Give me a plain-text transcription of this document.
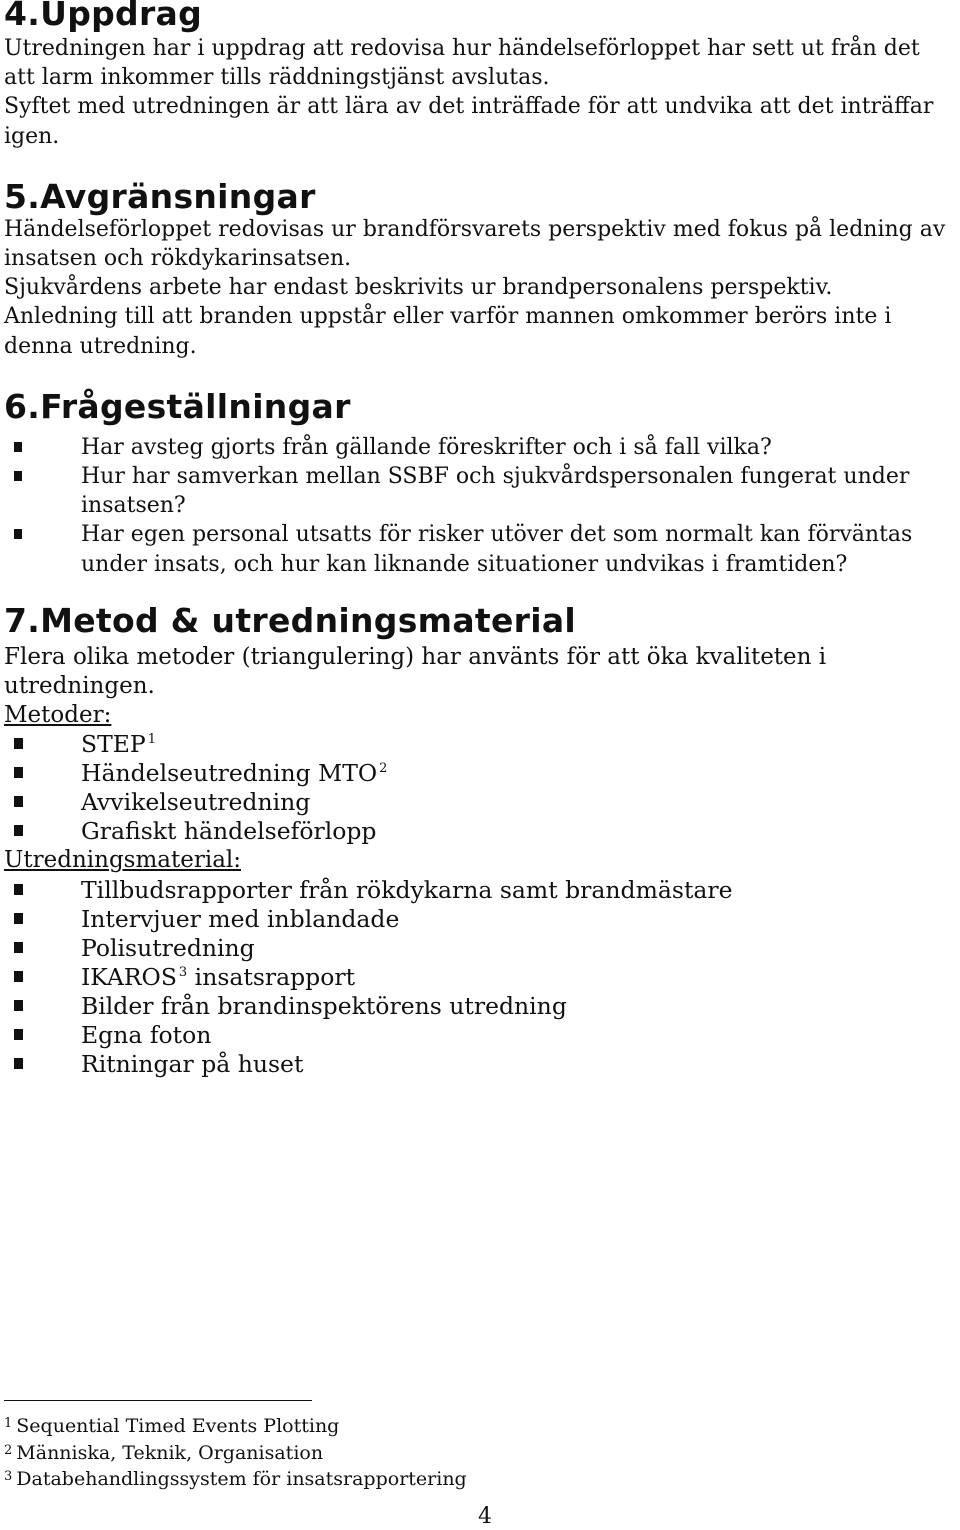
4.Uppdrag

Utredningen har i uppdrag att redovisa hur händelseförloppet har sett ut från det att larm inkommer tills räddningstjänst avslutas.

Syftet med utredningen är att lära av det inträffade för att undvika att det inträffar igen.

5.Avgränsningar

Händelseförloppet redovisas ur brandförsvarets perspektiv med fokus på ledning av insatsen och rökdykarinsatsen.

Sjukvårdens arbete har endast beskrivits ur brandpersonalens perspektiv.

Anledning till att branden uppstår eller varför mannen omkommer berörs inte i denna utredning.

6.Frågeställningar
Har avsteg gjorts från gällande föreskrifter och i så fall vilka?
Hur har samverkan mellan SSBF och sjukvårdspersonalen fungerat under insatsen?
Har egen personal utsatts för risker utöver det som normalt kan förväntas under insats, och hur kan liknande situationer undvikas i framtiden?
7.Metod & utredningsmaterial

Flera olika metoder (triangulering) har använts för att öka kvaliteten i utredningen.

Metoder:

STEP $^1$
Händelseutredning MTO $^2$
Avvikelseutredning
Grafiskt händelseförlopp

Utredningsmaterial:

Tillbudsrapporter från rökdykarna samt brandmästare
Intervjuer med inblandade
Polisutredning
IKAROS $^3$ insatsrapport
Bilder från brandinspektörens utredning
Egna foton
Ritningar på huset
$^1$ Sequential Timed Events Plotting
$^2$ Människa, Teknik, Organisation
$^3$ Databehandlingssystem för insatsrapportering
4
